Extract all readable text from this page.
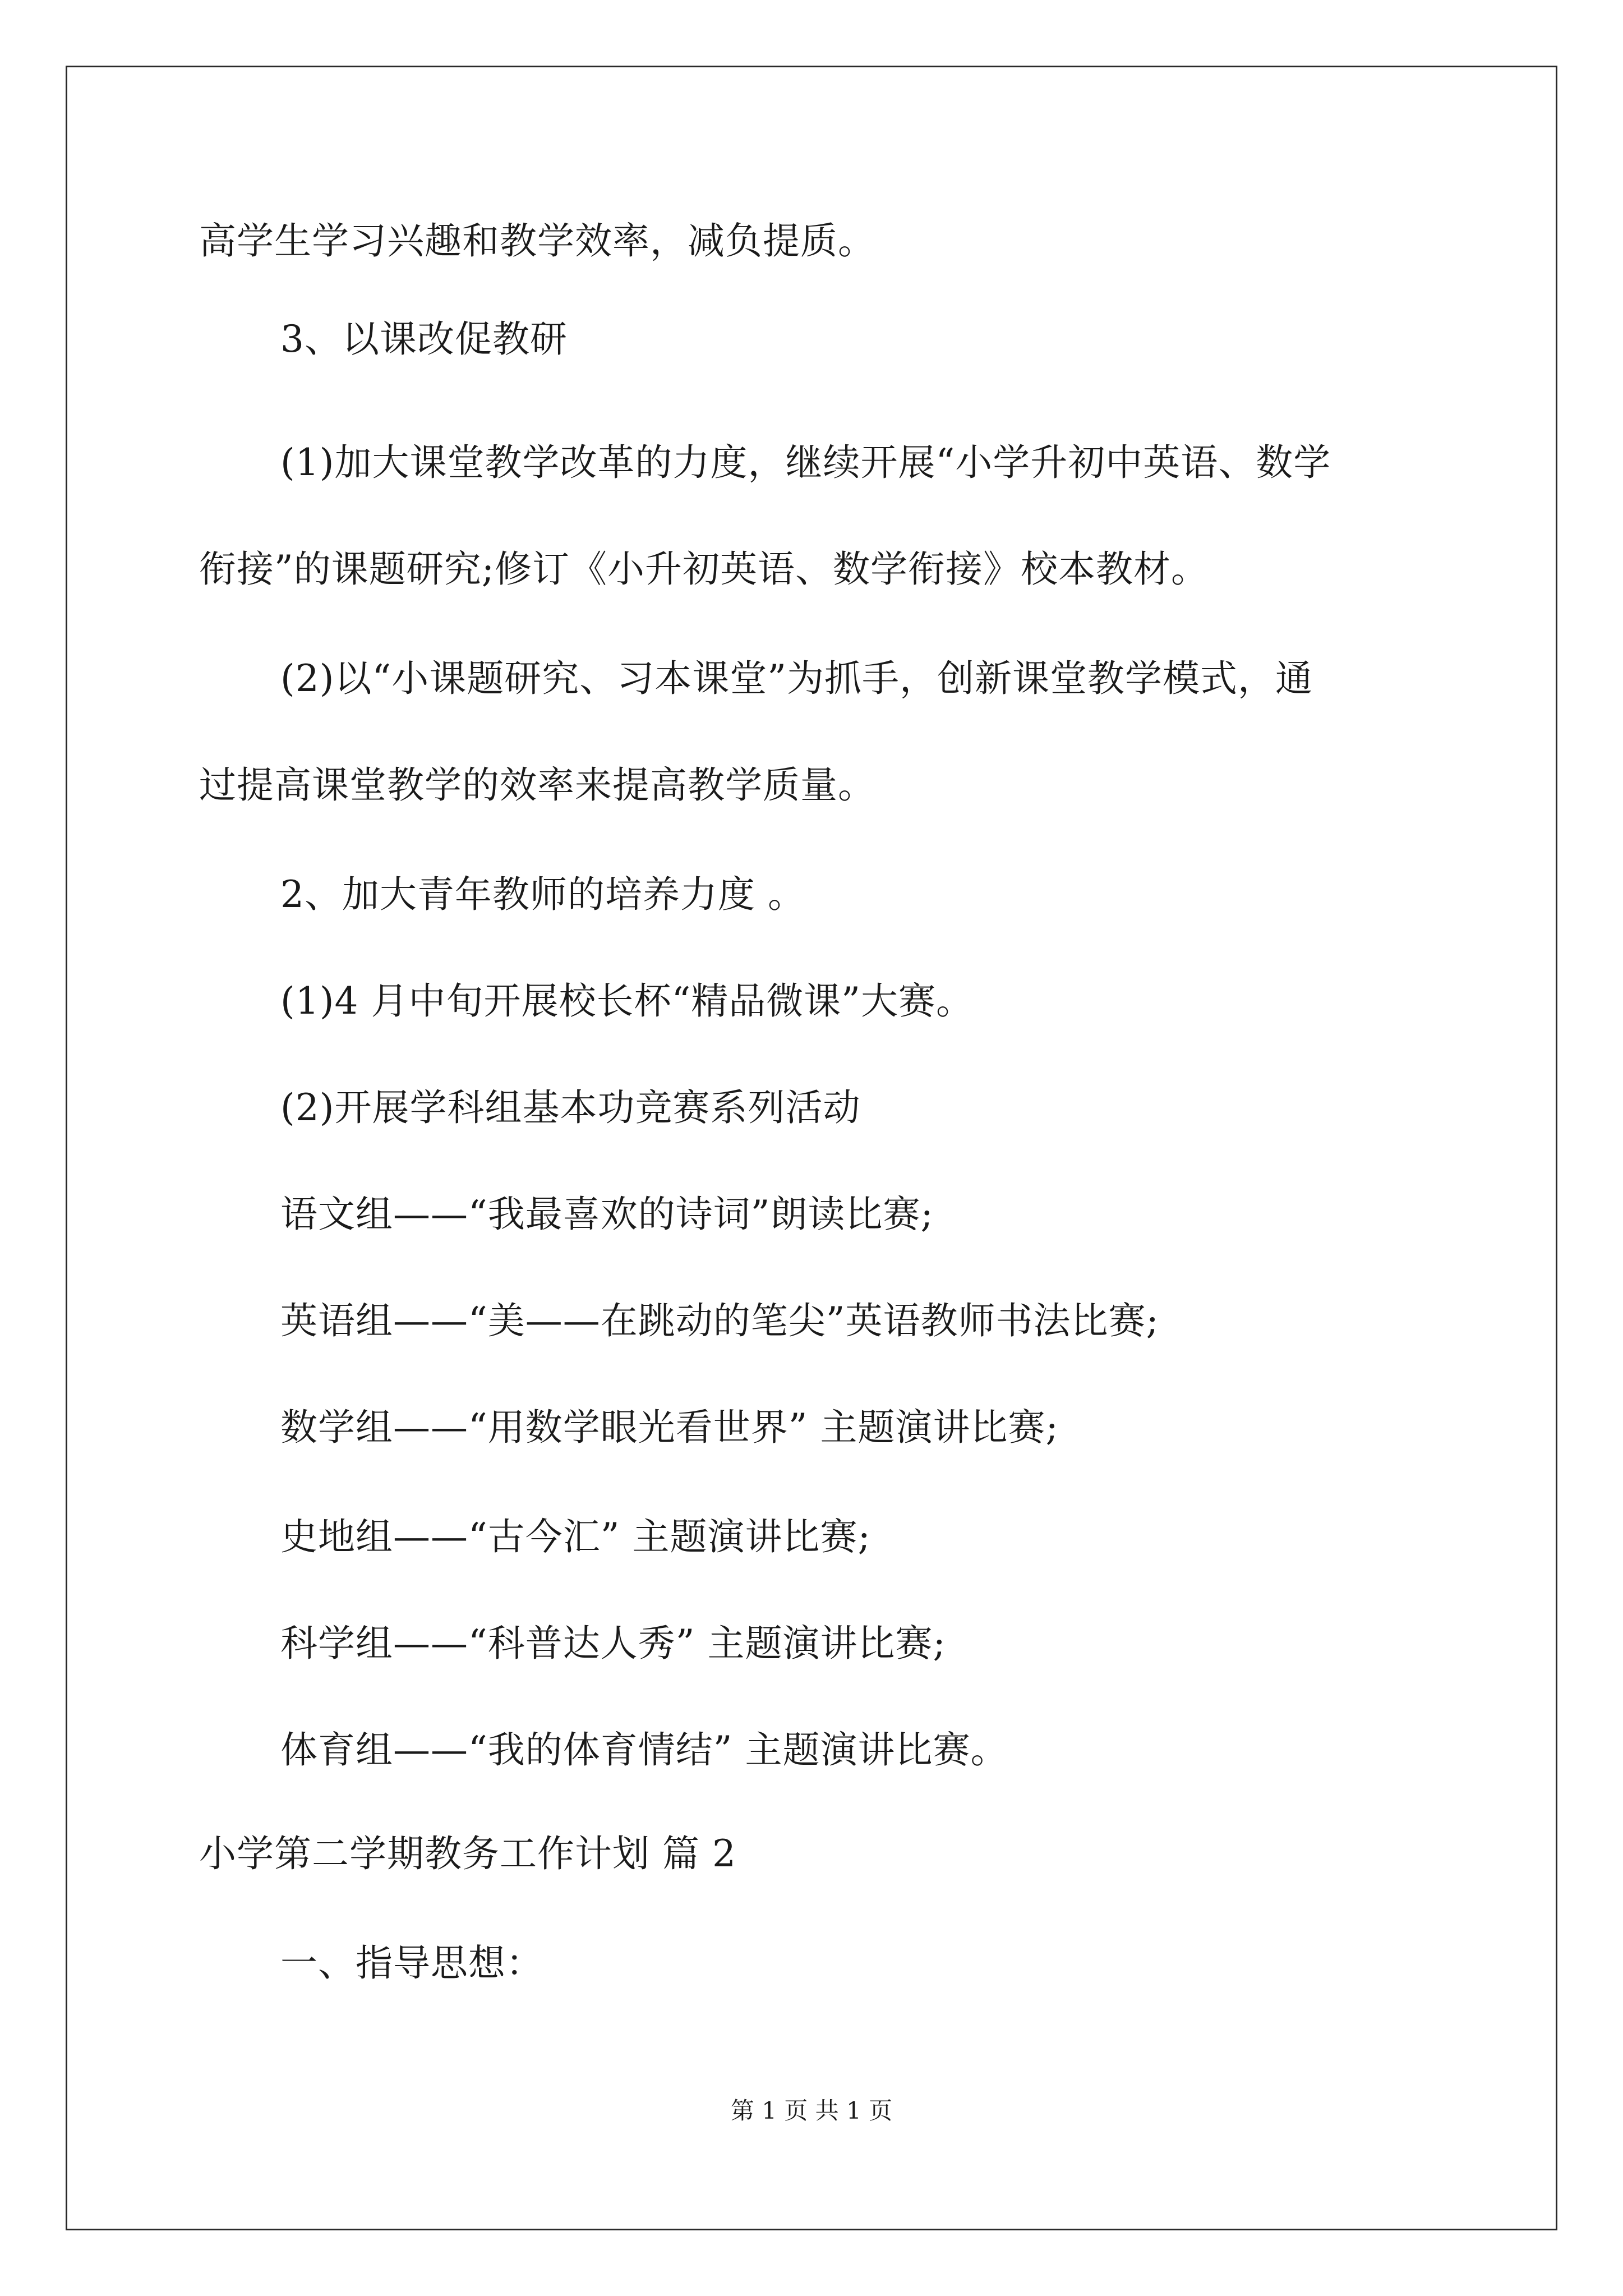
高学生学习兴趣和教学效率，减负提质。
3、以课改促教研
(1)加大课堂教学改革的力度，继续开展“小学升初中英语、数学
衔接”的课题研究;修订《小升初英语、数学衔接》校本教材。
(2)以“小课题研究、习本课堂”为抓手，创新课堂教学模式，通
过提高课堂教学的效率来提高教学质量。
2、加大青年教师的培养力度 。
(1)4 月中旬开展校长杯“精品微课”大赛。
(2)开展学科组基本功竞赛系列活动
语文组——“我最喜欢的诗词”朗读比赛;
英语组——“美——在跳动的笔尖”英语教师书法比赛;
数学组——“用数学眼光看世界” 主题演讲比赛;
史地组——“古今汇” 主题演讲比赛;
科学组——“科普达人秀” 主题演讲比赛;
体育组——“我的体育情结” 主题演讲比赛。
小学第二学期教务工作计划 篇 2
一、指导思想：
第 1 页 共 1 页
